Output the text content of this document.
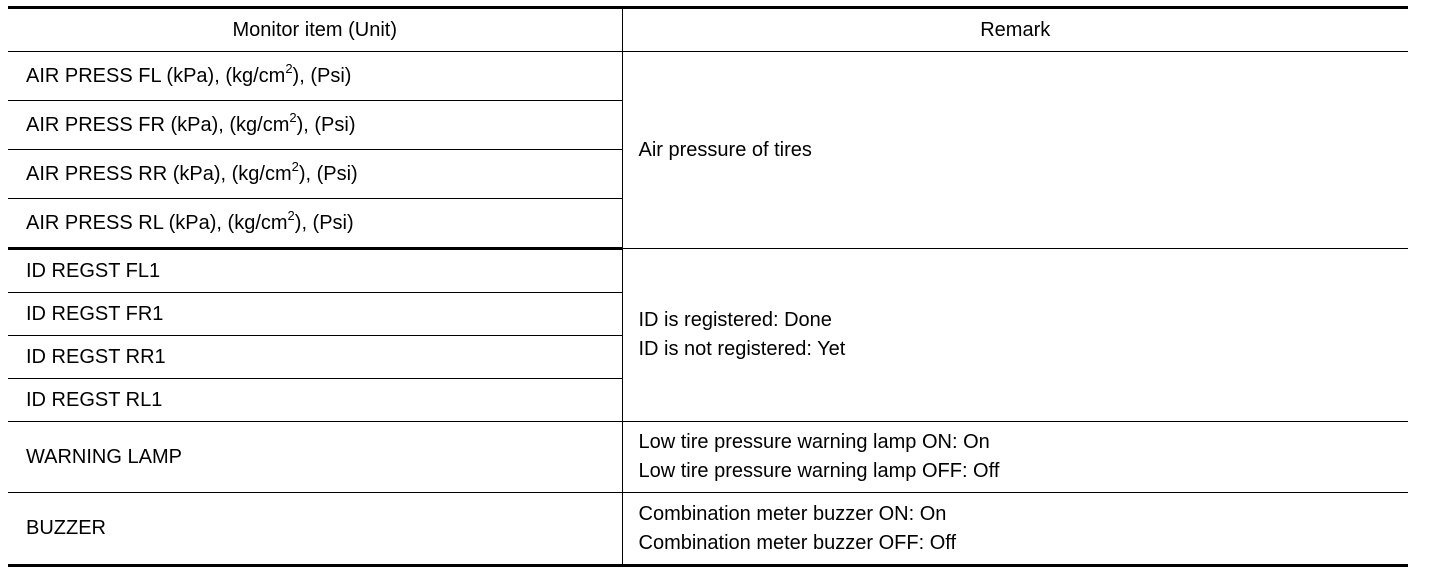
Monitor item (Unit)	Remark
AIR PRESS FL (kPa), $(kg/cm^2)$, (Psi)	Air pressure of tires

AIR PRESS FR (kPa), $(kg/cm^2)$, (Psi)	
AIR PRESS RR (kPa), $(kg/cm^2)$, (Psi)	
AIR PRESS RL (kPa), $(kg/cm^2)$, (Psi)	
ID REGST FL1	ID is registered: Done
ID is not registered: Yet

ID REGST FR1	
ID REGST RR1	
ID REGST RL1	
WARNING LAMP	Low tire pressure warning lamp ON: On
Low tire pressure warning lamp OFF: Off

BUZZER	Combination meter buzzer ON: On
Combination meter buzzer OFF: Off
